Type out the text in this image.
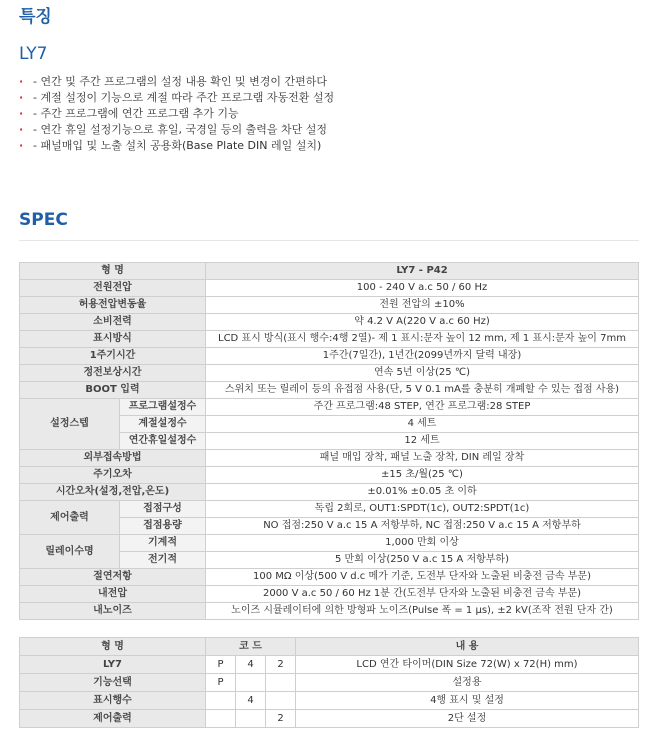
특징
LY7
· - 연간 및 주간 프로그램의 설정 내용 확인 및 변경이 간편하다
· - 계절 설정이 기능으로 계절 따라 주간 프로그램 자동전환 설정
· - 주간 프로그램에 연간 프로그램 추가 기능
· - 연간 휴일 설정기능으로 휴일, 국경일 등의 출력을 차단 설정
· - 패널매입 및 노출 설치 공용화(Base Plate DIN 레일 설치)
SPEC
형 명		LY7 - P42
전원전압		100 - 240 V a.c 50 / 60 Hz
허용전압변동율		전원 전압의 ±10%
소비전력		약 4.2 V A(220 V a.c 60 Hz)
표시방식		LCD 표시 방식(표시 행수:4행 2열)- 제 1 표시:문자 높이 12 mm, 제 1 표시:문자 높이 7mm
1주기시간		1주간(7일간), 1년간(2099년까지 달력 내장)
정전보상시간		연속 5년 이상(25 ℃)
BOOT 입력		스위치 또는 릴레이 등의 유접점 사용(단, 5 V 0.1 mA를 충분히 개폐할 수 있는 접점 사용)
설정스텝	프로그램설정수	주간 프로그램:48 STEP, 연간 프로그램:28 STEP
	계절설정수	4 세트
	연간휴일설정수	12 세트
외부접속방법		패널 매입 장착, 패널 노출 장착, DIN 레일 장착
주기오차		±15 초/월(25 ℃)
시간오차(설정,전압,온도)		±0.01% ±0.05 초 이하
제어출력	접점구성	독립 2회로, OUT1:SPDT(1c), OUT2:SPDT(1c)
	접점용량	NO 접점:250 V a.c 15 A 저항부하, NC 접점:250 V a.c 15 A 저항부하
릴레이수명	기계적	1,000 만회 이상
	전기적	5 만회 이상(250 V a.c 15 A 저항부하)
절연저항		100 MΩ 이상(500 V d.c 메가 기준, 도전부 단자와 노출된 비충전 금속 부문)
내전압		2000 V a.c 50 / 60 Hz 1분 간(도전부 단자와 노출된 비충전 금속 부문)
내노이즈		노이즈 시뮬레이터에 의한 방형파 노이즈(Pulse 폭 = 1 μs), ±2 kV(조작 전원 단자 간)
형 명	코 드			내 용
LY7	P	4	2	LCD 연간 타이머(DIN Size 72(W) x 72(H) mm)
기능선택	P			설정용
표시행수		4		4행 표시 및 설정
제어출력			2	2단 설정
